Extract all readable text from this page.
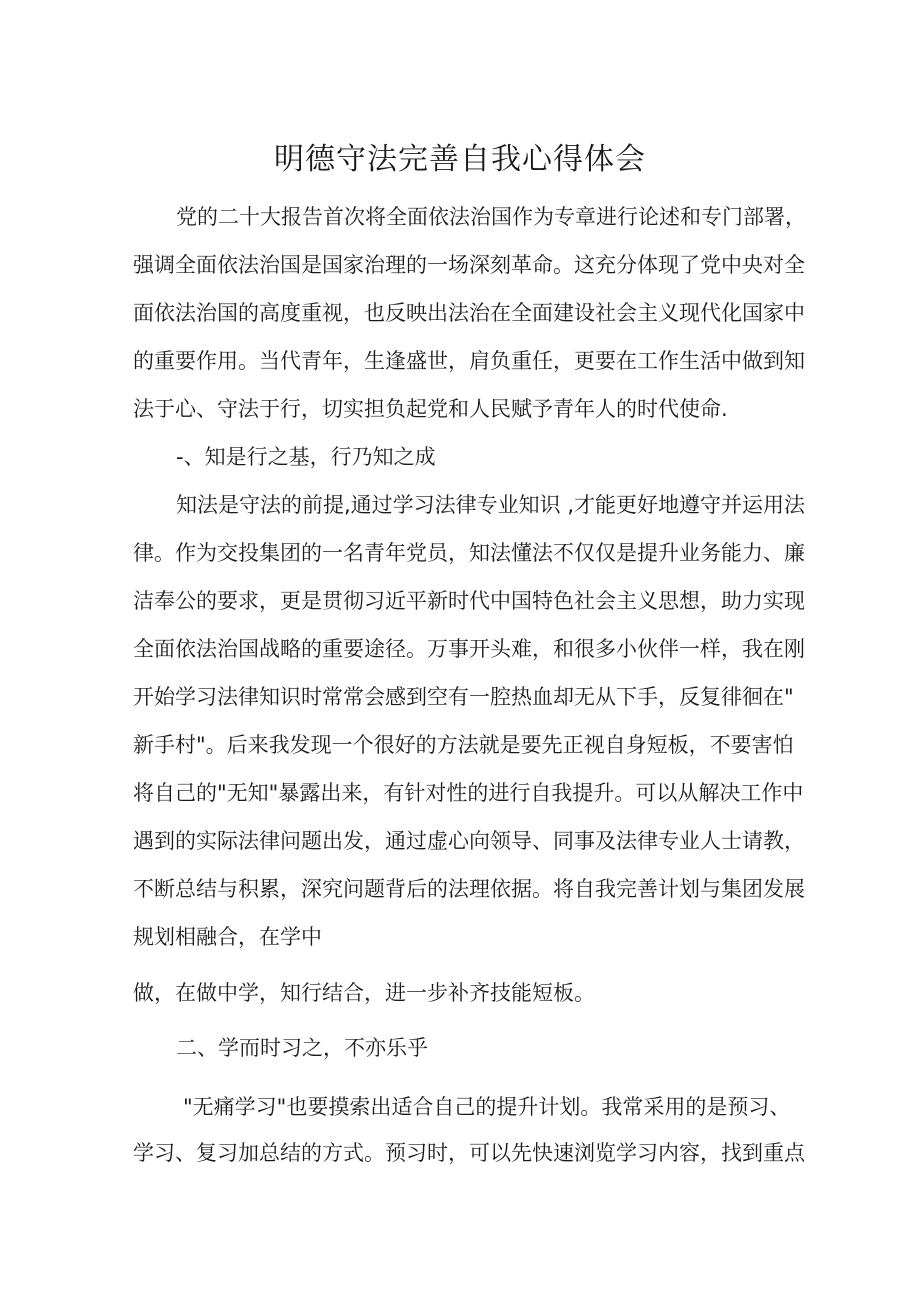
明德守法完善自我心得体会
党的二十大报告首次将全面依法治国作为专章进行论述和专门部署，
强调全面依法治国是国家治理的一场深刻革命。这充分体现了党中央对全
面依法治国的高度重视，也反映出法治在全面建设社会主义现代化国家中
的重要作用。当代青年，生逢盛世，肩负重任，更要在工作生活中做到知
法于心、守法于行，切实担负起党和人民赋予青年人的时代使命.
-、知是行之基，行乃知之成
知法是守法的前提,通过学习法律专业知识 ,才能更好地遵守并运用法
律。作为交投集团的一名青年党员，知法懂法不仅仅是提升业务能力、廉
洁奉公的要求，更是贯彻习近平新时代中国特色社会主义思想，助力实现
全面依法治国战略的重要途径。万事开头难，和很多小伙伴一样，我在刚
开始学习法律知识时常常会感到空有一腔热血却无从下手，反复徘徊在"
新手村"。后来我发现一个很好的方法就是要先正视自身短板，不要害怕
将自己的"无知"暴露出来，有针对性的进行自我提升。可以从解决工作中
遇到的实际法律问题出发，通过虚心向领导、同事及法律专业人士请教，
不断总结与积累，深究问题背后的法理依据。将自我完善计划与集团发展
规划相融合，在学中
做，在做中学，知行结合，进一步补齐技能短板。
二、学而时习之，不亦乐乎
"无痛学习"也要摸索出适合自己的提升计划。我常采用的是预习、
学习、复习加总结的方式。预习时，可以先快速浏览学习内容，找到重点
